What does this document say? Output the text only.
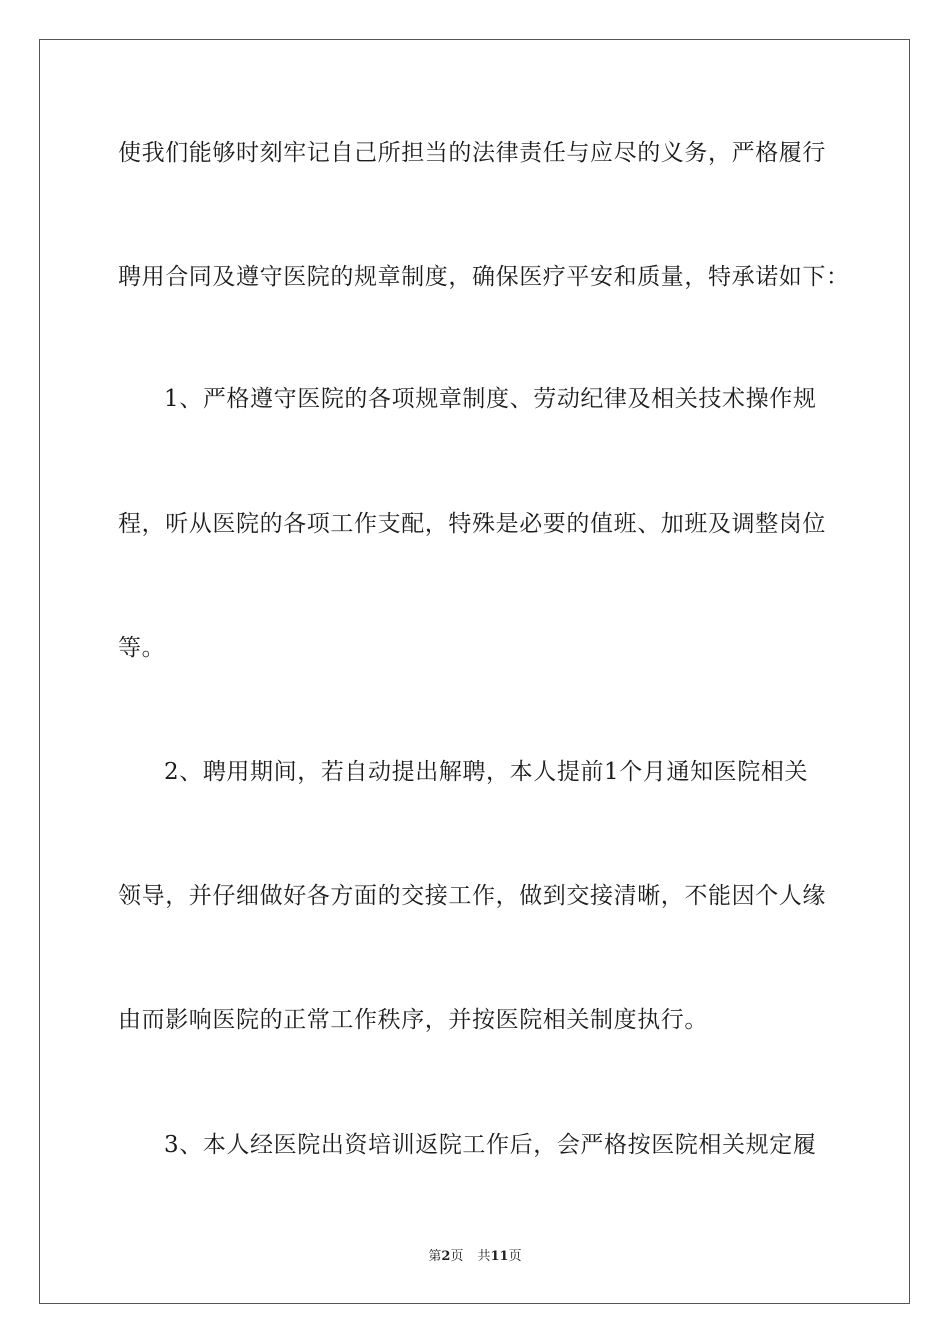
使我们能够时刻牢记自己所担当的法律责任与应尽的义务，严格履行
聘用合同及遵守医院的规章制度，确保医疗平安和质量，特承诺如下：
1、严格遵守医院的各项规章制度、劳动纪律及相关技术操作规
程，听从医院的各项工作支配，特殊是必要的值班、加班及调整岗位
等。
2、聘用期间，若自动提出解聘，本人提前1个月通知医院相关
领导，并仔细做好各方面的交接工作，做到交接清晰，不能因个人缘
由而影响医院的正常工作秩序，并按医院相关制度执行。
3、本人经医院出资培训返院工作后，会严格按医院相关规定履
第2页 共11页
